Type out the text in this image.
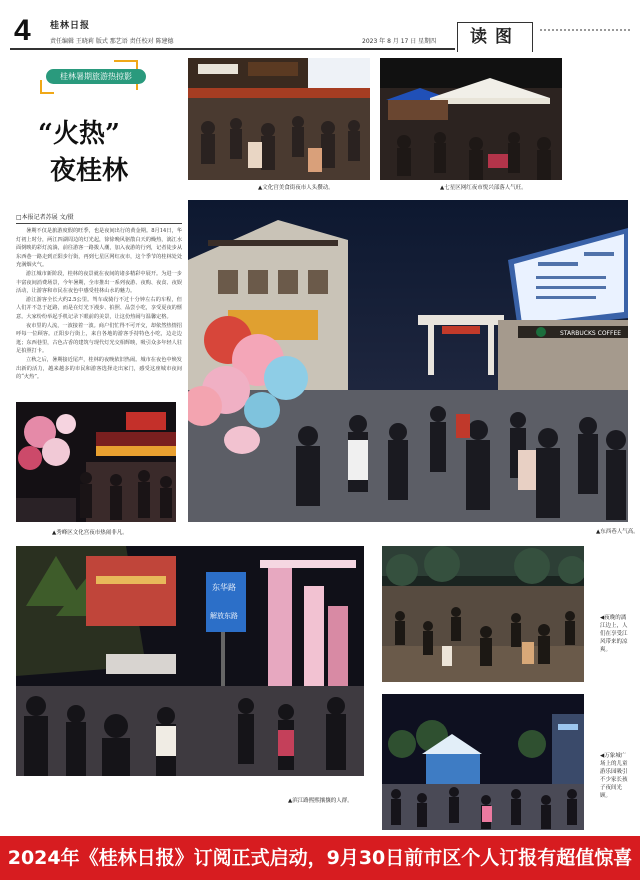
4 桂林日报
责任编辑 王晓莉 版式 那艺语 责任校对 陈建德	2023 年 8 月 17 日 星期四	读图
桂林暑期旅游热掠影
“火热”
夜桂林
□本报记者苏展 文/摄

暑期不仅是旅游度假的旺季，也是夜间出行的黄金期。8月14日，华灯初上时分，两江四湖周边的灯光起，徐徐晚风驱散白天的燥热，漓江水面倒映的彩灯流淌，前往游客一路拨人潮，加入夜游的行列，记者徒步从东西巷一路走到正阳步行街，再到七星区网红夜市，这个季节的桂林处处充满烟火气。

游江城市新阶段，桂林的夜景就在夜间的诸多精彩中展开。为进一步丰富夜间消费场景，今年暑期，全市推出一系列夜游、夜购、夜食、夜娱活动，让游客和市民在夜色中感受桂林山水的魅力。

游江游客全长大约2.5公里。驾车或骑行不过十分钟左右的车程，但人们并不急于赶路，而是在灯光下漫步、拍照、品尝小吃，享受夏夜的惬意。大家纷纷举起手机记录下眼前的美景，让这份热闹与温馨定格。

夜市里的人流，一波接着一波。商户们忙得不可开交，却依然热情招呼每一位顾客。正阳步行街上，来自各地的游客手持特色小吃，边走边逛；东西巷里，古色古香的建筑与现代灯光交相辉映，吸引众多年轻人驻足拍照打卡。

立秋之后，暑期接近尾声，桂林的夜晚依旧热闹。城市在夜色中焕发出新的活力，越来越多的市民和游客选择走出家门，感受这座城市夜间的“火热”。

▲文化宫美食街夜市人头攒动。	▲七星区网红夜市悦兴部落人气旺。
STARBUCKS COFFEE
▲东西巷人气高。
▲秀峰区文化宫夜市热闹非凡。
东华路
解放东路
▲滨江路熙熙攘攘的人群。
◀夜晚的漓江边上，人们在享受江风带来的凉爽。
◀万象城广场上的儿童游乐园吸引不少家长孩子夜间光顾。
2024年《桂林日报》订阅正式启动，9月30日前市区个人订报有超值惊喜
